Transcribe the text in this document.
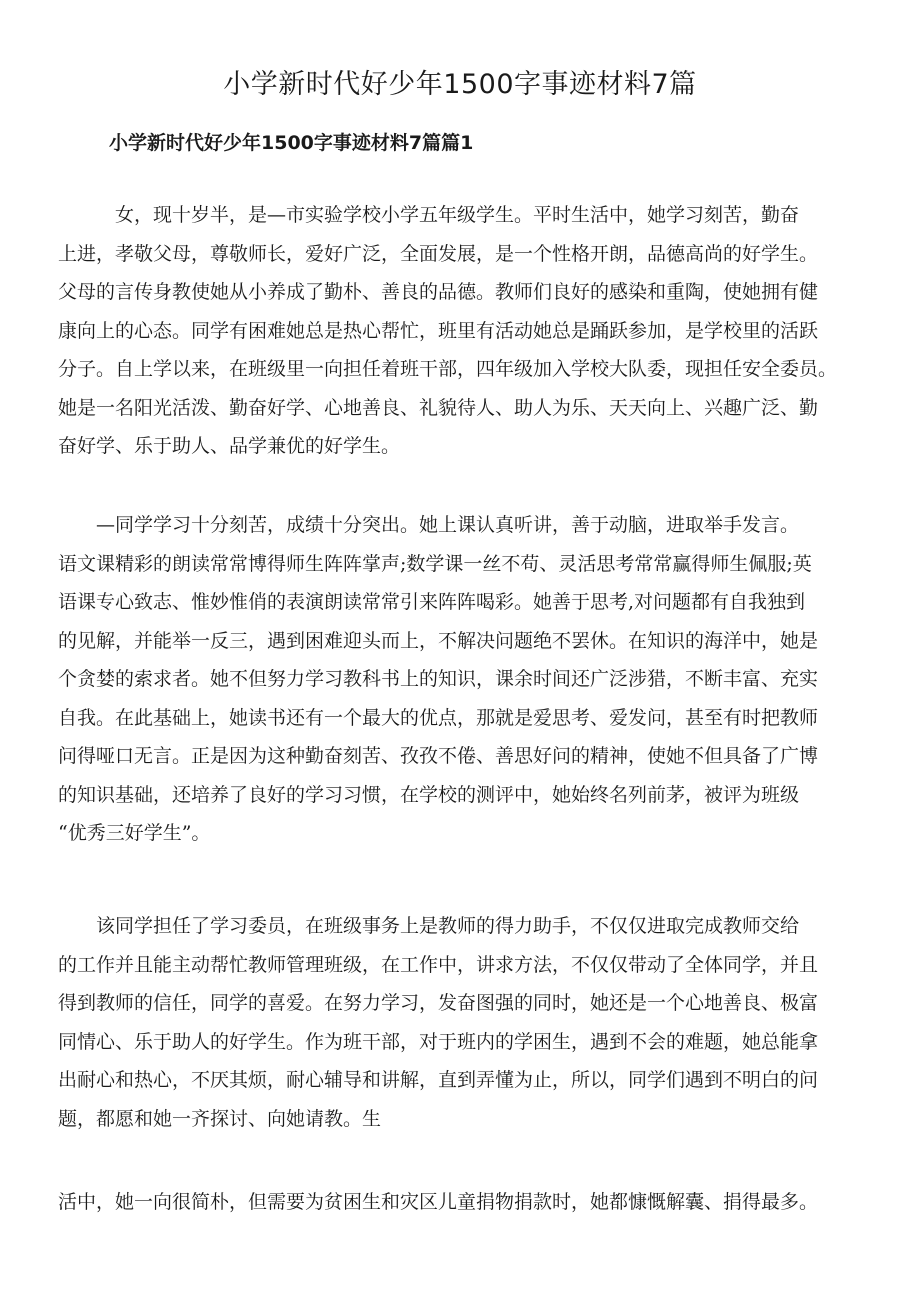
小学新时代好少年1500字事迹材料7篇
小学新时代好少年1500字事迹材料7篇篇1

　　　女，现十岁半，是—市实验学校小学五年级学生。平时生活中，她学习刻苦，勤奋
上进，孝敬父母，尊敬师长，爱好广泛，全面发展，是一个性格开朗，品德高尚的好学生。
父母的言传身教使她从小养成了勤朴、善良的品德。教师们良好的感染和重陶，使她拥有健
康向上的心态。同学有困难她总是热心帮忙，班里有活动她总是踊跃参加，是学校里的活跃
分子。自上学以来，在班级里一向担任着班干部，四年级加入学校大队委，现担任安全委员。
她是一名阳光活泼、勤奋好学、心地善良、礼貌待人、助人为乐、天天向上、兴趣广泛、勤
奋好学、乐于助人、品学兼优的好学生。

　　—同学学习十分刻苦，成绩十分突出。她上课认真听讲，善于动脑，进取举手发言。
语文课精彩的朗读常常博得师生阵阵掌声;数学课一丝不苟、灵活思考常常赢得师生佩服;英
语课专心致志、惟妙惟俏的表演朗读常常引来阵阵喝彩。她善于思考,对问题都有自我独到
的见解，并能举一反三，遇到困难迎头而上，不解决问题绝不罢休。在知识的海洋中，她是
个贪婪的索求者。她不但努力学习教科书上的知识，课余时间还广泛涉猎，不断丰富、充实
自我。在此基础上，她读书还有一个最大的优点，那就是爱思考、爱发问，甚至有时把教师
问得哑口无言。正是因为这种勤奋刻苦、孜孜不倦、善思好问的精神，使她不但具备了广博
的知识基础，还培养了良好的学习习惯，在学校的测评中，她始终名列前茅，被评为班级
“优秀三好学生”。

　　该同学担任了学习委员，在班级事务上是教师的得力助手，不仅仅进取完成教师交给
的工作并且能主动帮忙教师管理班级，在工作中，讲求方法，不仅仅带动了全体同学，并且
得到教师的信任，同学的喜爱。在努力学习，发奋图强的同时，她还是一个心地善良、极富
同情心、乐于助人的好学生。作为班干部，对于班内的学困生，遇到不会的难题，她总能拿
出耐心和热心，不厌其烦，耐心辅导和讲解，直到弄懂为止，所以，同学们遇到不明白的问
题，都愿和她一齐探讨、向她请教。生

活中，她一向很简朴，但需要为贫困生和灾区儿童捐物捐款时，她都慷慨解囊、捐得最多。
